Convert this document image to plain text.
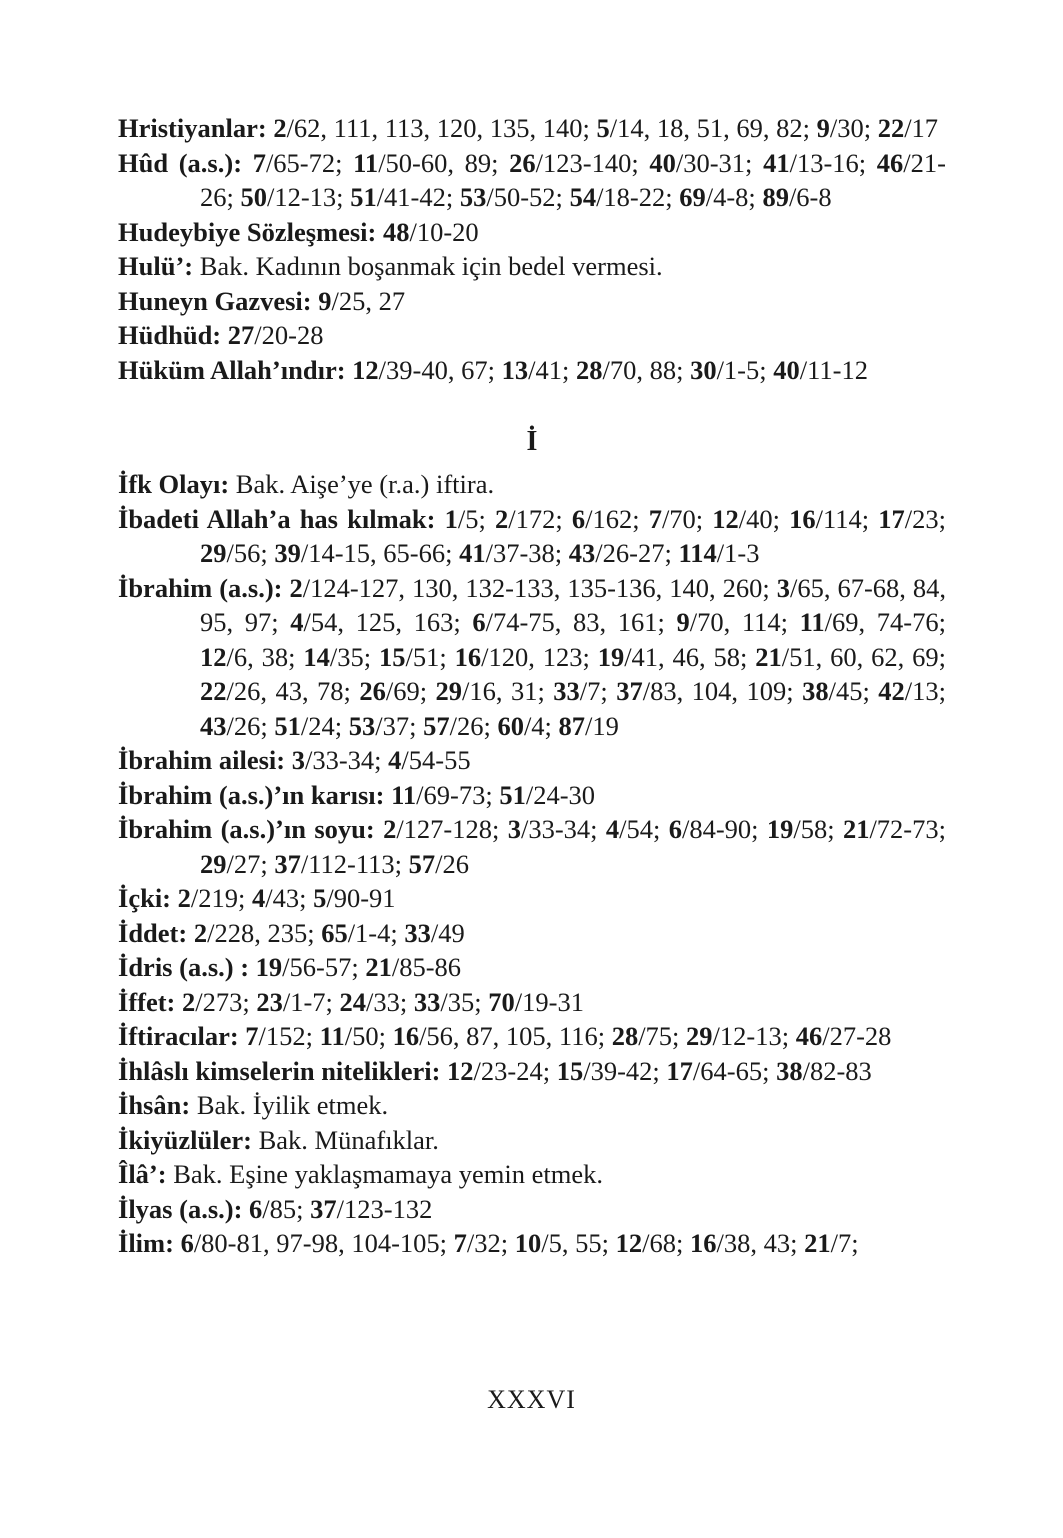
Hristiyanlar: 2/62, 111, 113, 120, 135, 140; 5/14, 18, 51, 69, 82; 9/30; 22/17
Hûd (a.s.): 7/65-72; 11/50-60, 89; 26/123-140; 40/30-31; 41/13-16; 46/21-26; 50/12-13; 51/41-42; 53/50-52; 54/18-22; 69/4-8; 89/6-8
Hudeybiye Sözleşmesi: 48/10-20
Hulü’: Bak. Kadının boşanmak için bedel vermesi.
Huneyn Gazvesi: 9/25, 27
Hüdhüd: 27/20-28
Hüküm Allah’ındır: 12/39-40, 67; 13/41; 28/70, 88; 30/1-5; 40/11-12
İ
İfk Olayı: Bak. Aişe’ye (r.a.) iftira.
İbadeti Allah’a has kılmak: 1/5; 2/172; 6/162; 7/70; 12/40; 16/114; 17/23; 29/56; 39/14-15, 65-66; 41/37-38; 43/26-27; 114/1-3
İbrahim (a.s.): 2/124-127, 130, 132-133, 135-136, 140, 260; 3/65, 67-68, 84, 95, 97; 4/54, 125, 163; 6/74-75, 83, 161; 9/70, 114; 11/69, 74-76; 12/6, 38; 14/35; 15/51; 16/120, 123; 19/41, 46, 58; 21/51, 60, 62, 69; 22/26, 43, 78; 26/69; 29/16, 31; 33/7; 37/83, 104, 109; 38/45; 42/13; 43/26; 51/24; 53/37; 57/26; 60/4; 87/19
İbrahim ailesi: 3/33-34; 4/54-55
İbrahim (a.s.)’ın karısı: 11/69-73; 51/24-30
İbrahim (a.s.)’ın soyu: 2/127-128; 3/33-34; 4/54; 6/84-90; 19/58; 21/72-73; 29/27; 37/112-113; 57/26
İçki: 2/219; 4/43; 5/90-91
İddet: 2/228, 235; 65/1-4; 33/49
İdris (a.s.) : 19/56-57; 21/85-86
İffet: 2/273; 23/1-7; 24/33; 33/35; 70/19-31
İftiracılar: 7/152; 11/50; 16/56, 87, 105, 116; 28/75; 29/12-13; 46/27-28
İhlâslı kimselerin nitelikleri: 12/23-24; 15/39-42; 17/64-65; 38/82-83
İhsân: Bak. İyilik etmek.
İkiyüzlüler: Bak. Münafıklar.
Îlâ’: Bak. Eşine yaklaşmamaya yemin etmek.
İlyas (a.s.): 6/85; 37/123-132
İlim: 6/80-81, 97-98, 104-105; 7/32; 10/5, 55; 12/68; 16/38, 43; 21/7;
XXXVI
